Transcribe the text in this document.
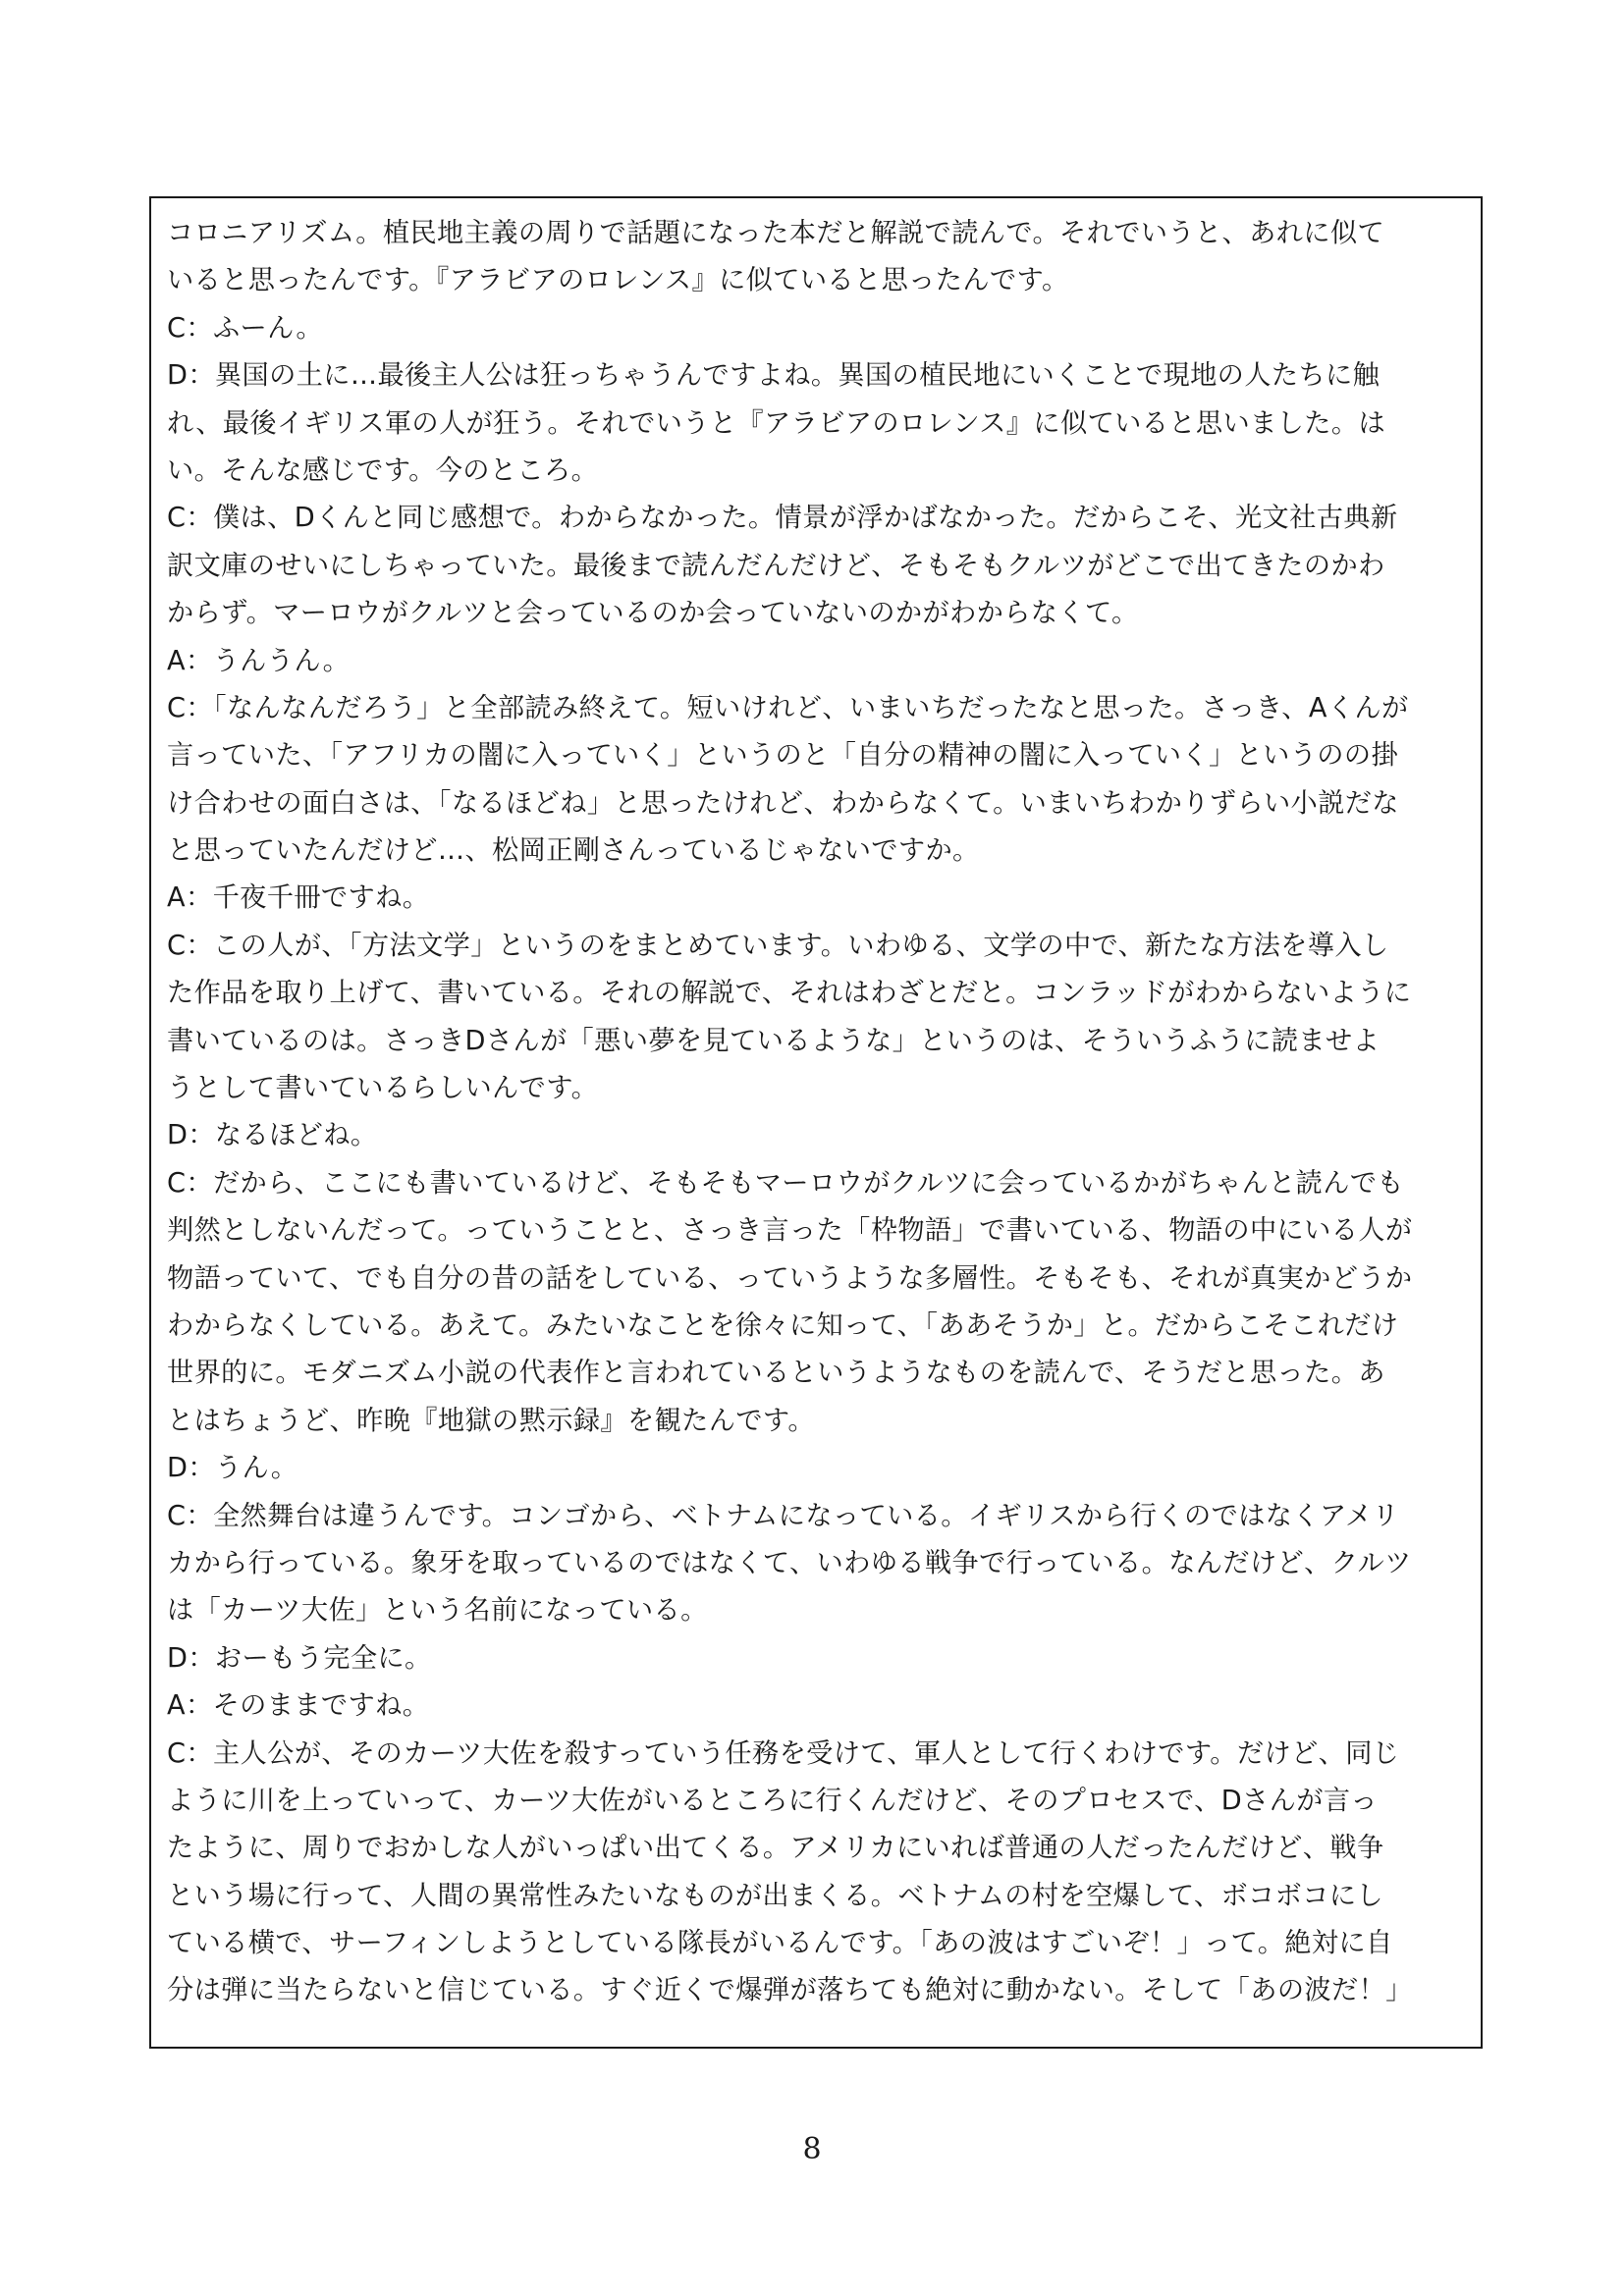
コロニアリズム。植民地主義の周りで話題になった本だと解説で読んで。それでいうと、あれに似て
いると思ったんです。『アラビアのロレンス』に似ていると思ったんです。
C：ふーん。
D：異国の土に…最後主人公は狂っちゃうんですよね。異国の植民地にいくことで現地の人たちに触
れ、最後イギリス軍の人が狂う。それでいうと『アラビアのロレンス』に似ていると思いました。は
い。そんな感じです。今のところ。
C：僕は、Dくんと同じ感想で。わからなかった。情景が浮かばなかった。だからこそ、光文社古典新
訳文庫のせいにしちゃっていた。最後まで読んだんだけど、そもそもクルツがどこで出てきたのかわ
からず。マーロウがクルツと会っているのか会っていないのかがわからなくて。
A：うんうん。
C：「なんなんだろう」と全部読み終えて。短いけれど、いまいちだったなと思った。さっき、Aくんが
言っていた、「アフリカの闇に入っていく」というのと「自分の精神の闇に入っていく」というのの掛
け合わせの面白さは、「なるほどね」と思ったけれど、わからなくて。いまいちわかりずらい小説だな
と思っていたんだけど…、松岡正剛さんっているじゃないですか。
A：千夜千冊ですね。
C：この人が、「方法文学」というのをまとめています。いわゆる、文学の中で、新たな方法を導入し
た作品を取り上げて、書いている。それの解説で、それはわざとだと。コンラッドがわからないように
書いているのは。さっきDさんが「悪い夢を見ているような」というのは、そういうふうに読ませよ
うとして書いているらしいんです。
D：なるほどね。
C：だから、ここにも書いているけど、そもそもマーロウがクルツに会っているかがちゃんと読んでも
判然としないんだって。っていうことと、さっき言った「枠物語」で書いている、物語の中にいる人が
物語っていて、でも自分の昔の話をしている、っていうような多層性。そもそも、それが真実かどうか
わからなくしている。あえて。みたいなことを徐々に知って、「ああそうか」と。だからこそこれだけ
世界的に。モダニズム小説の代表作と言われているというようなものを読んで、そうだと思った。あ
とはちょうど、昨晩『地獄の黙示録』を観たんです。
D：うん。
C：全然舞台は違うんです。コンゴから、ベトナムになっている。イギリスから行くのではなくアメリ
カから行っている。象牙を取っているのではなくて、いわゆる戦争で行っている。なんだけど、クルツ
は「カーツ大佐」という名前になっている。
D：おーもう完全に。
A：そのままですね。
C：主人公が、そのカーツ大佐を殺すっていう任務を受けて、軍人として行くわけです。だけど、同じ
ように川を上っていって、カーツ大佐がいるところに行くんだけど、そのプロセスで、Dさんが言っ
たように、周りでおかしな人がいっぱい出てくる。アメリカにいれば普通の人だったんだけど、戦争
という場に行って、人間の異常性みたいなものが出まくる。ベトナムの村を空爆して、ボコボコにし
ている横で、サーフィンしようとしている隊長がいるんです。「あの波はすごいぞ！」って。絶対に自
分は弾に当たらないと信じている。すぐ近くで爆弾が落ちても絶対に動かない。そして「あの波だ！」
8
